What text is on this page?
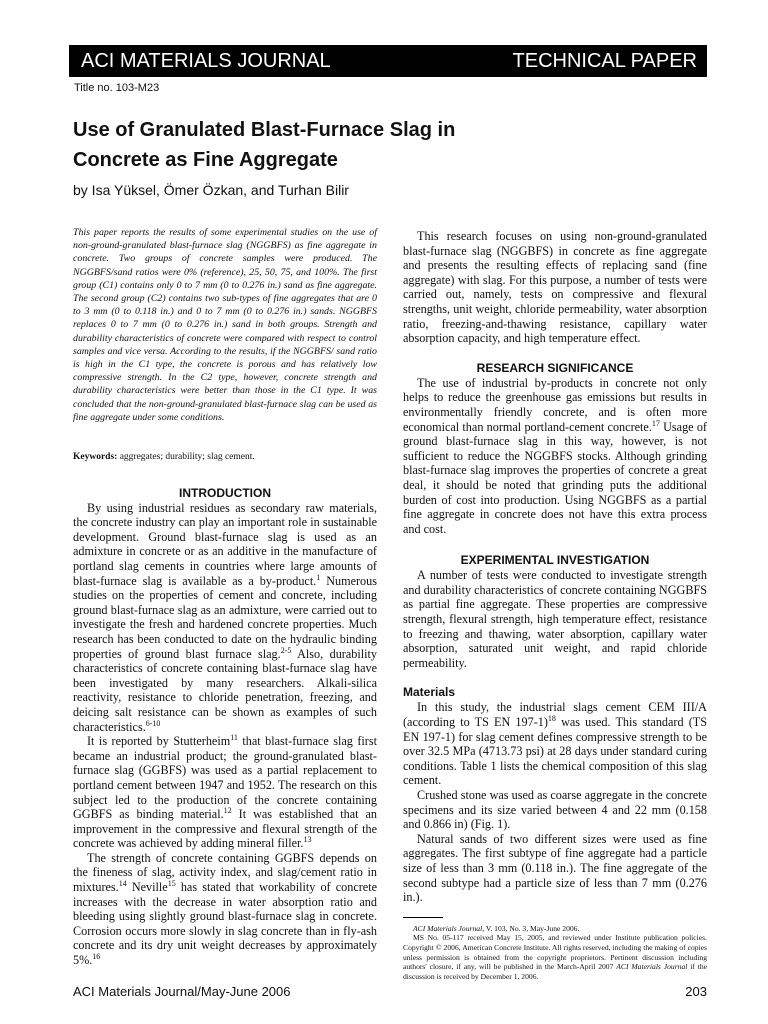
ACI MATERIALS JOURNAL	TECHNICAL PAPER
Title no. 103-M23
Use of Granulated Blast-Furnace Slag in
Concrete as Fine Aggregate
by Isa Yüksel, Ömer Özkan, and Turhan Bilir

This paper reports the results of some experimental studies on the use of non-ground-granulated blast-furnace slag (NGGBFS) as fine aggregate in concrete. Two groups of concrete samples were produced. The NGGBFS/sand ratios were 0% (reference), 25, 50, 75, and 100%. The first group (C1) contains only 0 to 7 mm (0 to 0.276 in.) sand as fine aggregate. The second group (C2) contains two sub-types of fine aggregates that are 0 to 3 mm (0 to 0.118 in.) and 0 to 7 mm (0 to 0.276 in.) sands. NGGBFS replaces 0 to 7 mm (0 to 0.276 in.) sand in both groups. Strength and durability characteristics of concrete were compared with respect to control samples and vice versa. According to the results, if the NGGBFS/ sand ratio is high in the C1 type, the concrete is porous and has relatively low compressive strength. In the C2 type, however, concrete strength and durability characteristics were better than those in the C1 type. It was concluded that the non-ground-granulated blast-furnace slag can be used as fine aggregate under some conditions.

Keywords: aggregates; durability; slag cement.

INTRODUCTION

By using industrial residues as secondary raw materials, the concrete industry can play an important role in sustainable development. Ground blast-furnace slag is used as an admixture in concrete or as an additive in the manufacture of portland slag cements in countries where large amounts of blast-furnace slag is available as a by-product.$^1$ Numerous studies on the properties of cement and concrete, including ground blast-furnace slag as an admixture, were carried out to investigate the fresh and hardened concrete properties. Much research has been conducted to date on the hydraulic binding properties of ground blast furnace slag.$^{2-5}$ Also, durability characteristics of concrete containing blast-furnace slag have been investigated by many researchers. Alkali-silica reactivity, resistance to chloride penetration, freezing, and deicing salt resistance can be shown as examples of such characteristics.$^{6-10}$

It is reported by Stutterheim$^{11}$ that blast-furnace slag first became an industrial product; the ground-granulated blast-furnace slag (GGBFS) was used as a partial replacement to portland cement between 1947 and 1952. The research on this subject led to the production of the concrete containing GGBFS as binding material.$^{12}$ It was established that an improvement in the compressive and flexural strength of the concrete was achieved by adding mineral filler.$^{13}$

The strength of concrete containing GGBFS depends on the fineness of slag, activity index, and slag/cement ratio in mixtures.$^{14}$ Neville$^{15}$ has stated that workability of concrete increases with the decrease in water absorption ratio and bleeding using slightly ground blast-furnace slag in concrete. Corrosion occurs more slowly in slag concrete than in fly-ash concrete and its dry unit weight decreases by approximately 5%.$^{16}$

This research focuses on using non-ground-granulated blast-furnace slag (NGGBFS) in concrete as fine aggregate and presents the resulting effects of replacing sand (fine aggregate) with slag. For this purpose, a number of tests were carried out, namely, tests on compressive and flexural strengths, unit weight, chloride permeability, water absorption ratio, freezing-and-thawing resistance, capillary water absorption capacity, and high temperature effect.

RESEARCH SIGNIFICANCE

The use of industrial by-products in concrete not only helps to reduce the greenhouse gas emissions but results in environmentally friendly concrete, and is often more economical than normal portland-cement concrete.$^{17}$ Usage of ground blast-furnace slag in this way, however, is not sufficient to reduce the NGGBFS stocks. Although grinding blast-furnace slag improves the properties of concrete a great deal, it should be noted that grinding puts the additional burden of cost into production. Using NGGBFS as a partial fine aggregate in concrete does not have this extra process and cost.

EXPERIMENTAL INVESTIGATION

A number of tests were conducted to investigate strength and durability characteristics of concrete containing NGGBFS as partial fine aggregate. These properties are compressive strength, flexural strength, high temperature effect, resistance to freezing and thawing, water absorption, capillary water absorption, saturated unit weight, and rapid chloride permeability.

Materials

In this study, the industrial slags cement CEM III/A (according to TS EN 197-1)$^{18}$ was used. This standard (TS EN 197-1) for slag cement defines compressive strength to be over 32.5 MPa (4713.73 psi) at 28 days under standard curing conditions. Table 1 lists the chemical composition of this slag cement.

Crushed stone was used as coarse aggregate in the concrete specimens and its size varied between 4 and 22 mm (0.158 and 0.866 in) (Fig. 1).

Natural sands of two different sizes were used as fine aggregates. The first subtype of fine aggregate had a particle size of less than 3 mm (0.118 in.). The fine aggregate of the second subtype had a particle size of less than 7 mm (0.276 in.).

ACI Materials Journal, V. 103, No. 3, May-June 2006.

MS No. 05-117 received May 15, 2005, and reviewed under Institute publication policies. Copyright © 2006, American Concrete Institute. All rights reserved, including the making of copies unless permission is obtained from the copyright proprietors. Pertinent discussion including authors' closure, if any, will be published in the March-April 2007 ACI Materials Journal if the discussion is received by December 1, 2006.

ACI Materials Journal/May-June 2006	203
